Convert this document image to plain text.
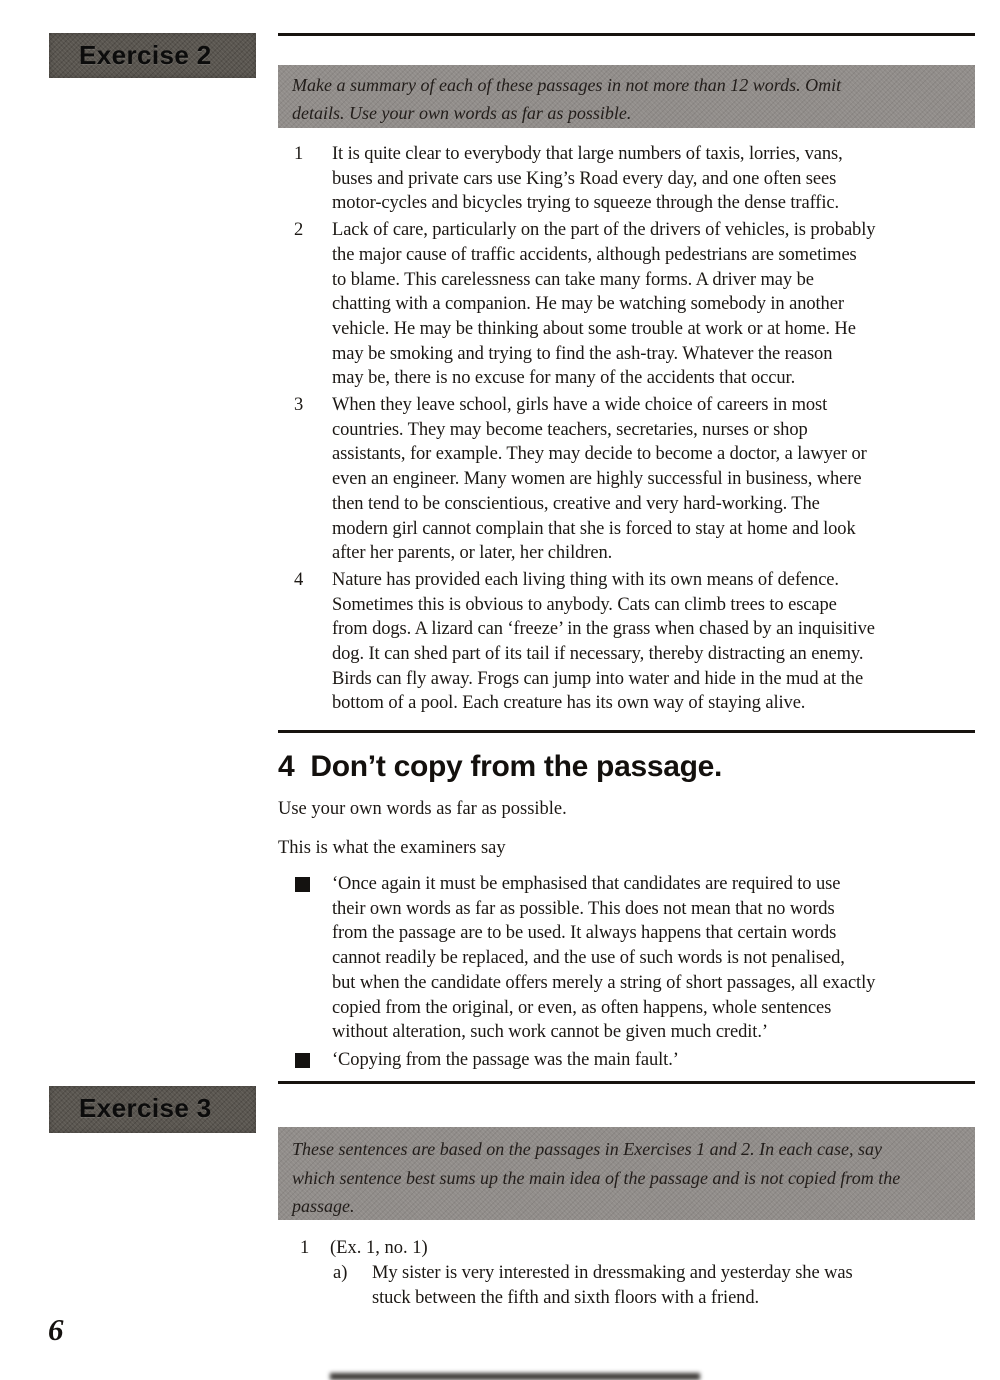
Exercise 2
Make a summary of each of these passages in not more than 12 words. Omit
details. Use your own words as far as possible.
1	It is quite clear to everybody that large numbers of taxis, lorries, vans,
buses and private cars use King’s Road every day, and one often sees
motor-cycles and bicycles trying to squeeze through the dense traffic.
2	Lack of care, particularly on the part of the drivers of vehicles, is probably
the major cause of traffic accidents, although pedestrians are sometimes
to blame. This carelessness can take many forms. A driver may be
chatting with a companion. He may be watching somebody in another
vehicle. He may be thinking about some trouble at work or at home. He
may be smoking and trying to find the ash-tray. Whatever the reason
may be, there is no excuse for many of the accidents that occur.
3	When they leave school, girls have a wide choice of careers in most
countries. They may become teachers, secretaries, nurses or shop
assistants, for example. They may decide to become a doctor, a lawyer or
even an engineer. Many women are highly successful in business, where
then tend to be conscientious, creative and very hard-working. The
modern girl cannot complain that she is forced to stay at home and look
after her parents, or later, her children.
4	Nature has provided each living thing with its own means of defence.
Sometimes this is obvious to anybody. Cats can climb trees to escape
from dogs. A lizard can ‘freeze’ in the grass when chased by an inquisitive
dog. It can shed part of its tail if necessary, thereby distracting an enemy.
Birds can fly away. Frogs can jump into water and hide in the mud at the
bottom of a pool. Each creature has its own way of staying alive.
4 Don’t copy from the passage.
Use your own words as far as possible.
This is what the examiners say
‘Once again it must be emphasised that candidates are required to use
their own words as far as possible. This does not mean that no words
from the passage are to be used. It always happens that certain words
cannot readily be replaced, and the use of such words is not penalised,
but when the candidate offers merely a string of short passages, all exactly
copied from the original, or even, as often happens, whole sentences
without alteration, such work cannot be given much credit.’
‘Copying from the passage was the main fault.’
Exercise 3
These sentences are based on the passages in Exercises 1 and 2. In each case, say
which sentence best sums up the main idea of the passage and is not copied from the
passage.
1 (Ex. 1, no. 1)
a)	My sister is very interested in dressmaking and yesterday she was
stuck between the fifth and sixth floors with a friend.
6
